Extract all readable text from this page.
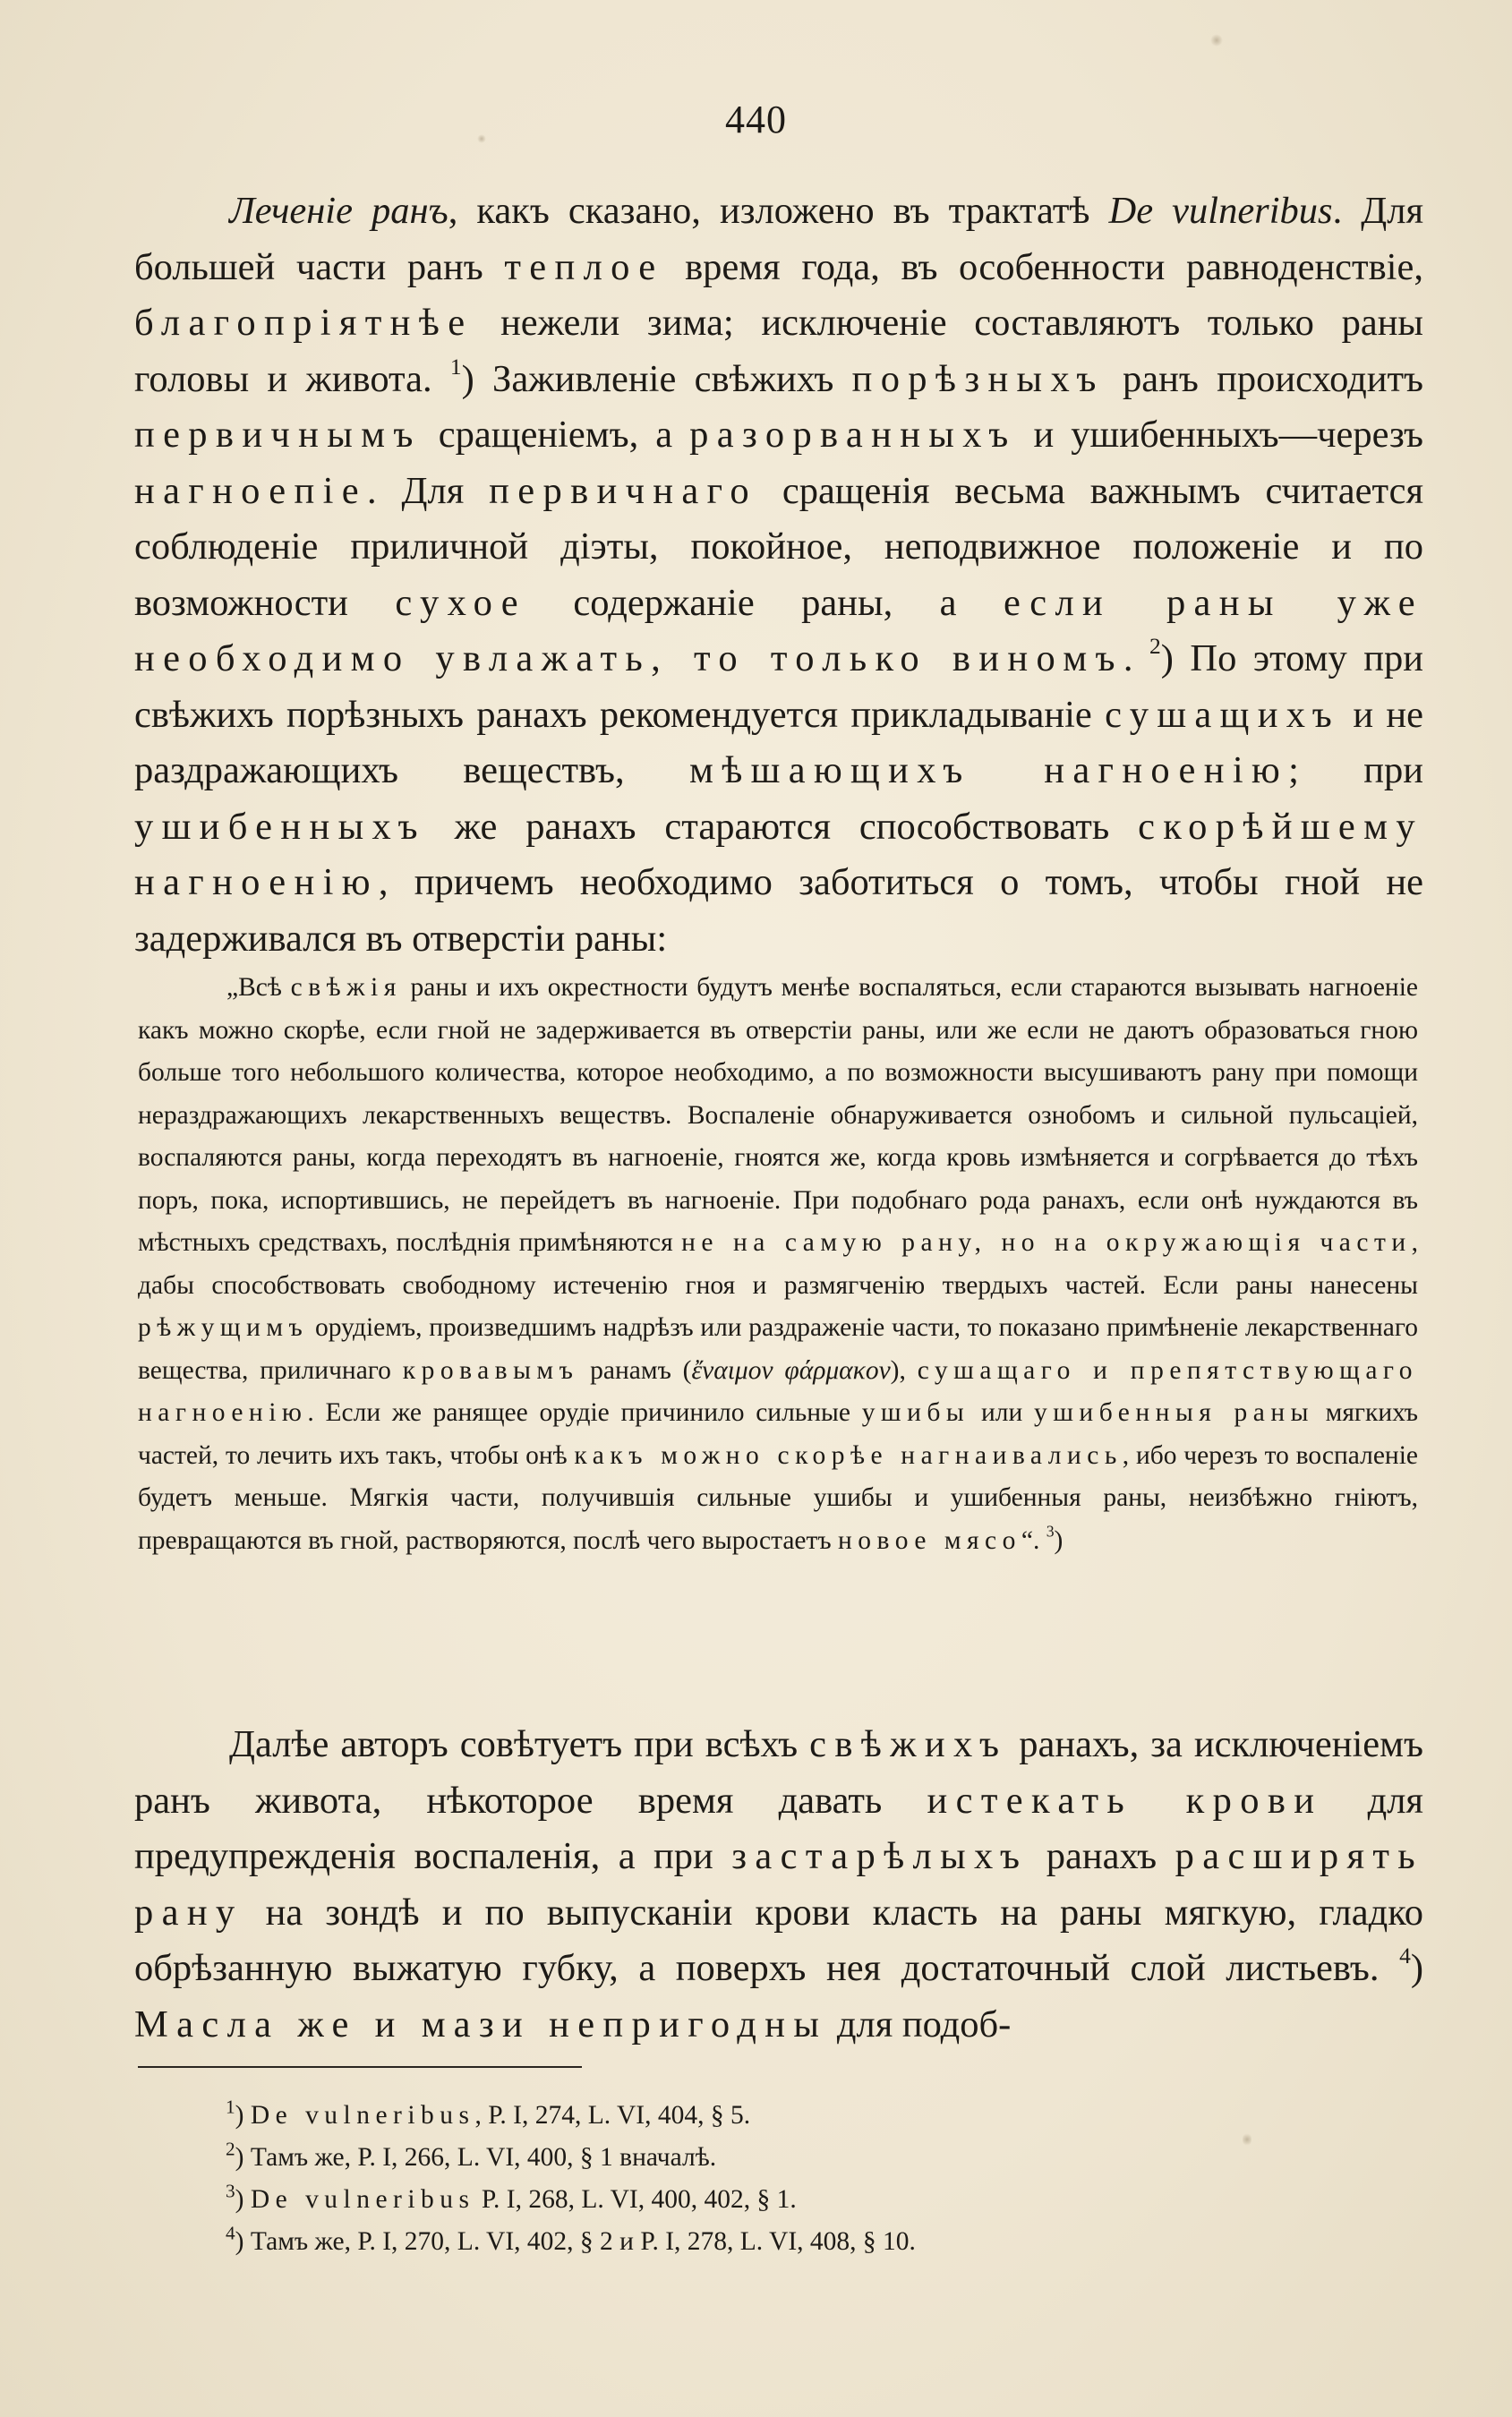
440

Леченіе ранъ, какъ сказано, изложено въ трактатѣ De vulneribus. Для большей части ранъ теплое время года, въ особенности равноденствіе, благопріятнѣе нежели зима; исключеніе составляютъ только раны головы и живота. $^1$) Заживленіе свѣжихъ порѣзныхъ ранъ происходитъ первичнымъ сращеніемъ, а разорванныхъ и ушибенныхъ—черезъ нагноепіе. Для первичнаго сращенія весьма важнымъ считается соблюденіе приличной діэты, покойное, неподвижное положеніе и по возможности сухое содержаніе раны, а если раны уже необходимо увлажать, то только виномъ. $^2$) По этому при свѣжихъ порѣзныхъ ранахъ рекомендуется прикладываніе сушащихъ и не раздражающихъ веществъ, мѣшающихъ нагноенію; при ушибенныхъ же ранахъ стараются способствовать скорѣйшему нагноенію, причемъ необходимо заботиться о томъ, чтобы гной не задерживался въ отверстіи раны:

„Всѣ свѣжія раны и ихъ окрестности будутъ менѣе воспаляться, если стараются вызывать нагноеніе какъ можно скорѣе, если гной не задерживается въ отверстіи раны, или же если не даютъ образоваться гною больше того небольшого количества, которое необходимо, а по возможности высушиваютъ рану при помощи нераздражающихъ лекарственныхъ веществъ. Воспаленіе обнаруживается ознобомъ и сильной пульсаціей, воспаляются раны, когда переходятъ въ нагноеніе, гноятся же, когда кровь измѣняется и согрѣвается до тѣхъ поръ, пока, испортившись, не перейдетъ въ нагноеніе. При подобнаго рода ранахъ, если онѣ нуждаются въ мѣстныхъ средствахъ, послѣднія примѣняются не на самую рану, но на окружающія части, дабы способствовать свободному истеченію гноя и размягченію твердыхъ частей. Если раны нанесены рѣжущимъ орудіемъ, произведшимъ надрѣзъ или раздраженіе части, то показано примѣненіе лекарственнаго вещества, приличнаго кровавымъ ранамъ (ἔναιμον φάρμακον), сушащаго и препятствующаго нагноенію. Если же ранящее орудіе причинило сильные ушибы или ушибенныя раны мягкихъ частей, то лечить ихъ такъ, чтобы онѣ какъ можно скорѣе нагнаивались, ибо черезъ то воспаленіе будетъ меньше. Мягкія части, получившія сильные ушибы и ушибенныя раны, неизбѣжно гніютъ, превращаются въ гной, растворяются, послѣ чего выростаетъ новое мясо“. $^3$)

Далѣе авторъ совѣтуетъ при всѣхъ свѣжихъ ранахъ, за исключеніемъ ранъ живота, нѣкоторое время давать истекать крови для предупрежденія воспаленія, а при застарѣлыхъ ранахъ расширять рану на зондѣ и по выпусканіи крови класть на раны мягкую, гладко обрѣзанную выжатую губку, а поверхъ нея достаточный слой листьевъ. $^4$) Масла же и мази непригодны для подоб-

$^1$) De vulneribus, P. I, 274, L. VI, 404, § 5.
$^2$) Тамъ же, P. I, 266, L. VI, 400, § 1 вначалѣ.
$^3$) De vulneribus P. I, 268, L. VI, 400, 402, § 1.
$^4$) Тамъ же, P. I, 270, L. VI, 402, § 2 и P. I, 278, L. VI, 408, § 10.
